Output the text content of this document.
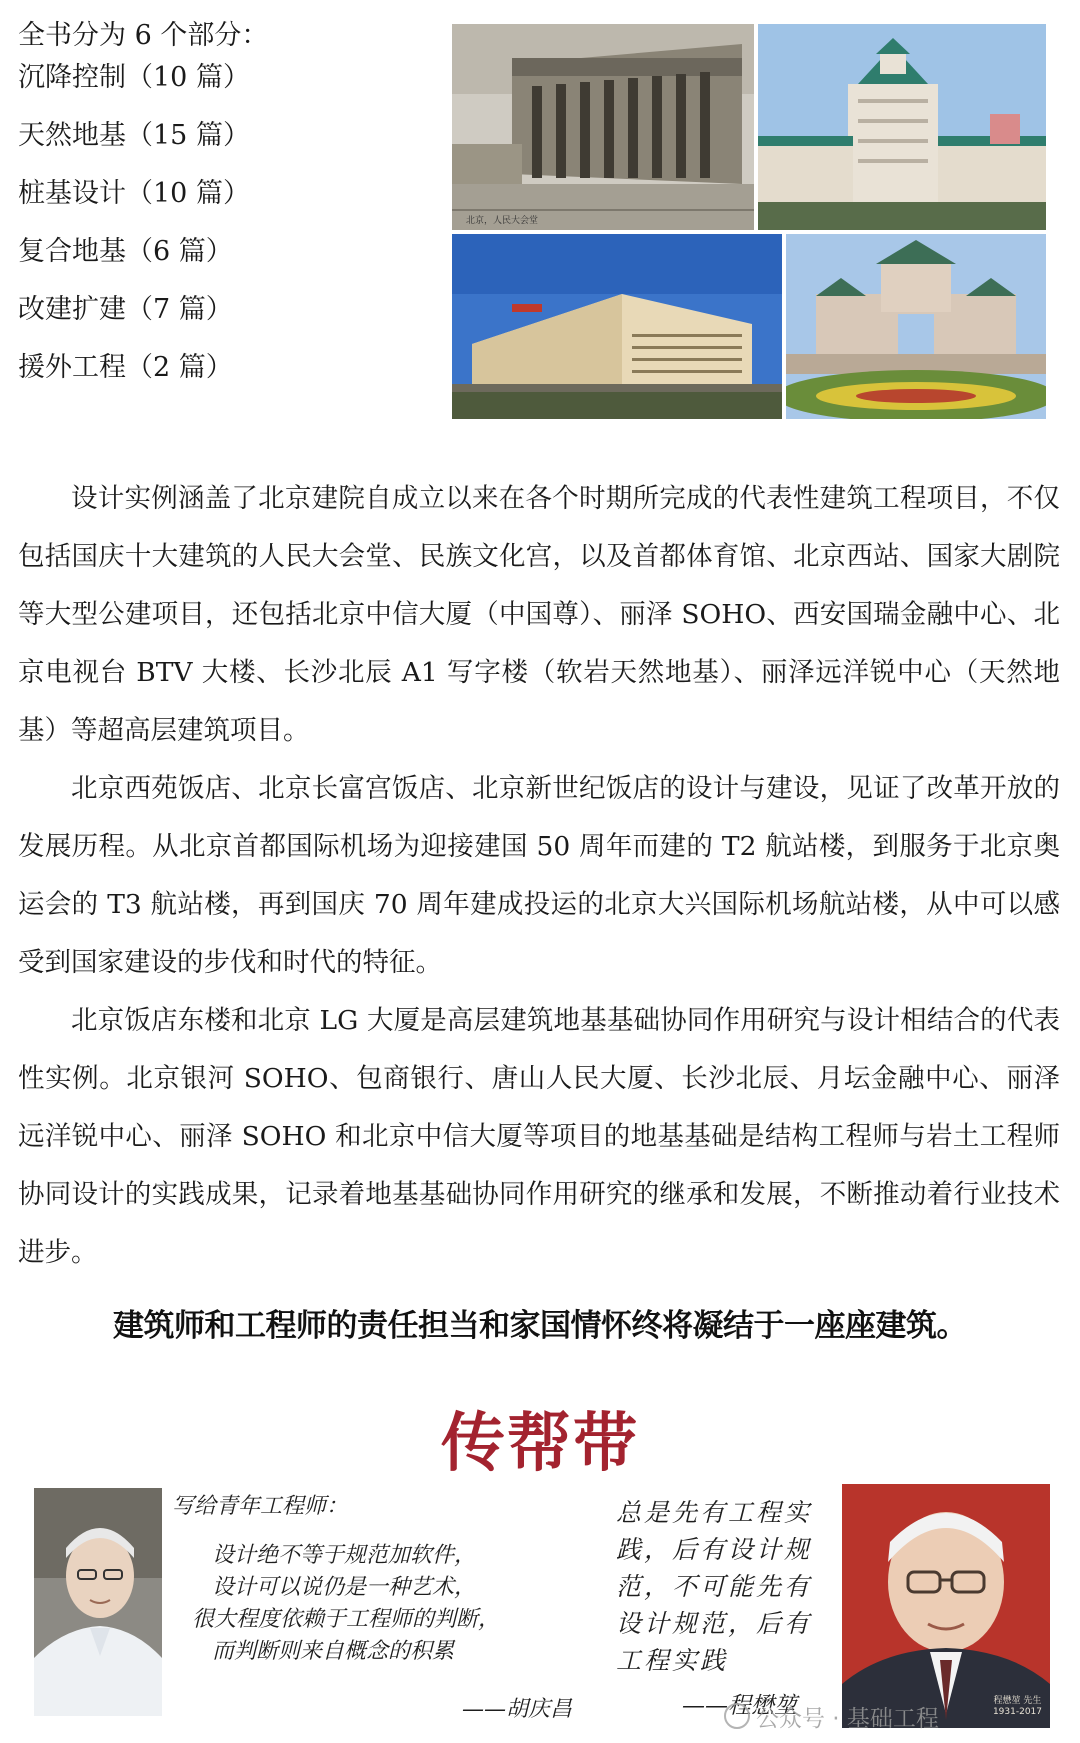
全书分为 6 个部分：
沉降控制（10 篇）
天然地基（15 篇）
桩基设计（10 篇）
复合地基（6 篇）
改建扩建（7 篇）
援外工程（2 篇）
北京，人民大会堂

设计实例涵盖了北京建院自成立以来在各个时期所完成的代表性建筑工程项目，不仅包括国庆十大建筑的人民大会堂、民族文化宫，以及首都体育馆、北京西站、国家大剧院等大型公建项目，还包括北京中信大厦（中国尊）、丽泽 SOHO、西安国瑞金融中心、北京电视台 BTV 大楼、长沙北辰 A1 写字楼（软岩天然地基）、丽泽远洋锐中心（天然地基）等超高层建筑项目。

北京西苑饭店、北京长富宫饭店、北京新世纪饭店的设计与建设，见证了改革开放的发展历程。从北京首都国际机场为迎接建国 50 周年而建的 T2 航站楼，到服务于北京奥运会的 T3 航站楼，再到国庆 70 周年建成投运的北京大兴国际机场航站楼，从中可以感受到国家建设的步伐和时代的特征。

北京饭店东楼和北京 LG 大厦是高层建筑地基基础协同作用研究与设计相结合的代表性实例。北京银河 SOHO、包商银行、唐山人民大厦、长沙北辰、月坛金融中心、丽泽远洋锐中心、丽泽 SOHO 和北京中信大厦等项目的地基基础是结构工程师与岩土工程师协同设计的实践成果，记录着地基基础协同作用研究的继承和发展，不断推动着行业技术进步。

建筑师和工程师的责任担当和家国情怀终将凝结于一座座建筑。
传帮带
写给青年工程师：
设计绝不等于规范加软件，
设计可以说仍是一种艺术，
很大程度依赖于工程师的判断，
而判断则来自概念的积累
——胡庆昌
总是先有工程实
践，后有设计规
范，不可能先有
设计规范，后有
工程实践
——程懋堃	程懋堃 先生
1931-2017
公众号 · 基础工程
